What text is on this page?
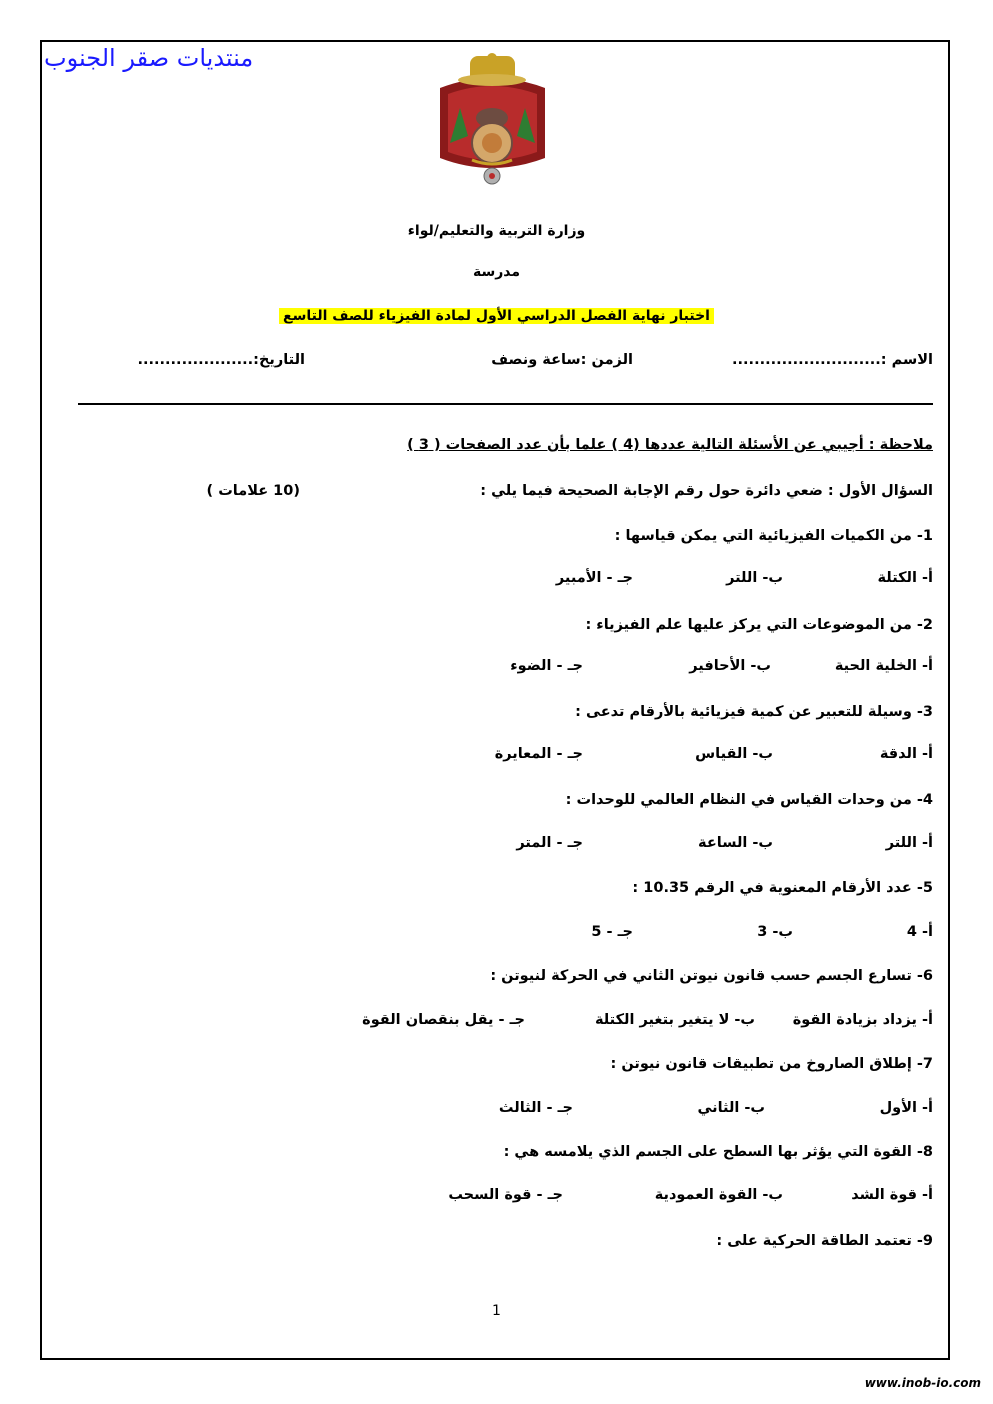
منتديات صقر الجنوب
وزارة التربية والتعليم/لواء
مدرسة
اختبار نهاية الفصل الدراسي الأول لمادة الفيزياء للصف التاسع
الاسم :...........................
الزمن :ساعة ونصف
التاريخ:.....................
ملاحظة : أجيبي عن الأسئلة التالية عددها (4 ) علما بأن عدد الصفحات ( 3 )
السؤال الأول : ضعي دائرة حول رقم الإجابة الصحيحة فيما يلي :
(10 علامات )
1- من الكميات الفيزيائية التي يمكن قياسها :
أ- الكتلة
ب- اللتر
جـ - الأمبير
2- من الموضوعات التي يركز عليها علم الفيزياء :
أ- الخلية الحية
ب- الأحافير
جـ - الضوء
3- وسيلة للتعبير عن كمية فيزيائية بالأرقام تدعى :
أ- الدقة
ب- القياس
جـ - المعايرة
4- من وحدات القياس في النظام العالمي للوحدات :
أ- اللتر
ب- الساعة
جـ - المتر
5- عدد الأرقام المعنوية في الرقم 10.35 :
أ- 4
ب- 3
جـ - 5
6- تسارع الجسم حسب قانون نيوتن الثاني في الحركة لنيوتن :
أ- يزداد بزيادة القوة
ب- لا يتغير بتغير الكتلة
جـ - يقل بنقصان القوة
7- إطلاق الصاروخ من تطبيقات قانون نيوتن :
أ- الأول
ب- الثاني
جـ - الثالث
8- القوة التي يؤثر بها السطح على الجسم الذي يلامسه هي :
أ- قوة الشد
ب- القوة العمودية
جـ - قوة السحب
9- تعتمد الطاقة الحركية على :
1
www.inob-io.com
